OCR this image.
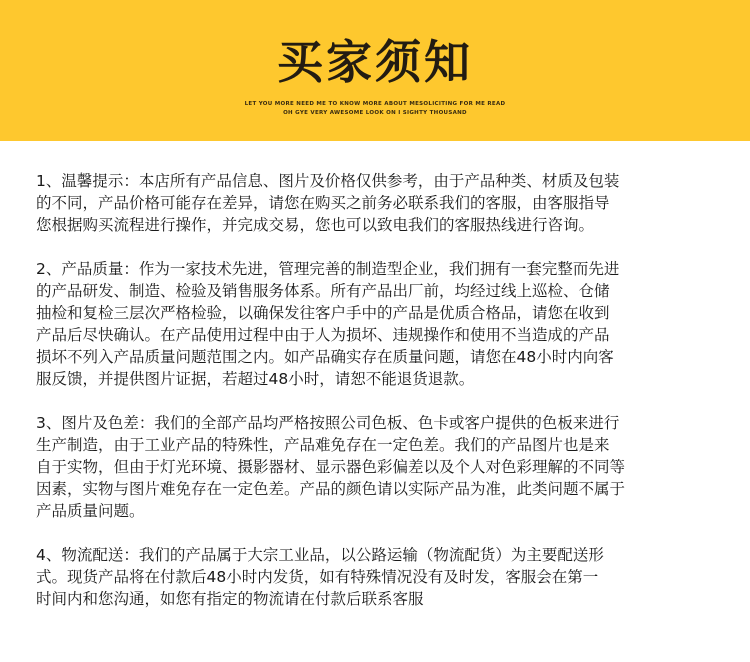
买家须知
LET YOU MORE NEED ME TO KNOW MORE ABOUT MESOLICITING FOR ME READ
OH GYE VERY AWESOME LOOK ON I SIGHTY THOUSAND
1、温馨提示：本店所有产品信息、图片及价格仅供参考，由于产品种类、材质及包装
的不同，产品价格可能存在差异，请您在购买之前务必联系我们的客服，由客服指导
您根据购买流程进行操作，并完成交易，您也可以致电我们的客服热线进行咨询。
2、产品质量：作为一家技术先进，管理完善的制造型企业，我们拥有一套完整而先进
的产品研发、制造、检验及销售服务体系。所有产品出厂前，均经过线上巡检、仓储
抽检和复检三层次严格检验，以确保发往客户手中的产品是优质合格品，请您在收到
产品后尽快确认。在产品使用过程中由于人为损坏、违规操作和使用不当造成的产品
损坏不列入产品质量问题范围之内。如产品确实存在质量问题，请您在48小时内向客
服反馈，并提供图片证据，若超过48小时，请恕不能退货退款。
3、图片及色差：我们的全部产品均严格按照公司色板、色卡或客户提供的色板来进行
生产制造，由于工业产品的特殊性，产品难免存在一定色差。我们的产品图片也是来
自于实物，但由于灯光环境、摄影器材、显示器色彩偏差以及个人对色彩理解的不同等
因素，实物与图片难免存在一定色差。产品的颜色请以实际产品为准，此类问题不属于
产品质量问题。
4、物流配送：我们的产品属于大宗工业品，以公路运输（物流配货）为主要配送形
式。现货产品将在付款后48小时内发货，如有特殊情况没有及时发，客服会在第一
时间内和您沟通，如您有指定的物流请在付款后联系客服
